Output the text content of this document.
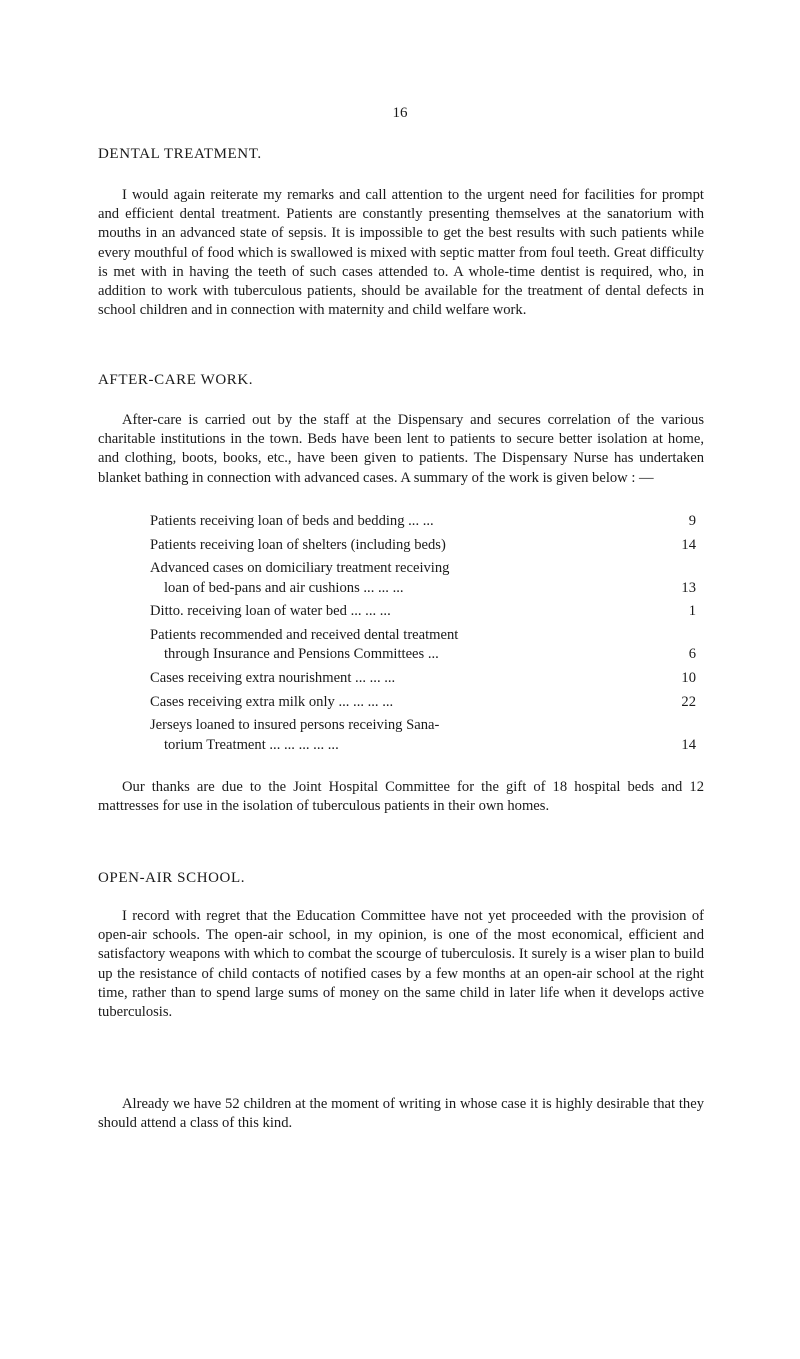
16
DENTAL TREATMENT.

I would again reiterate my remarks and call attention to the urgent need for facilities for prompt and efficient dental treatment. Patients are constantly presenting themselves at the sanatorium with mouths in an advanced state of sepsis. It is impossible to get the best results with such patients while every mouthful of food which is swallowed is mixed with septic matter from foul teeth. Great difficulty is met with in having the teeth of such cases attended to. A whole-time dentist is required, who, in addition to work with tuberculous patients, should be available for the treatment of dental defects in school children and in connection with maternity and child welfare work.

AFTER-CARE WORK.

After-care is carried out by the staff at the Dispensary and secures correlation of the various charitable institutions in the town. Beds have been lent to patients to secure better isolation at home, and clothing, boots, books, etc., have been given to patients. The Dispensary Nurse has undertaken blanket bathing in connection with advanced cases. A summary of the work is given below : —

Patients receiving loan of beds and bedding ... ...	9
Patients receiving loan of shelters (including beds)	14
Advanced cases on domiciliary treatment receiving
loan of bed-pans and air cushions ... ... ...	13
Ditto. receiving loan of water bed ... ... ...	1
Patients recommended and received dental treatment
through Insurance and Pensions Committees ...	6
Cases receiving extra nourishment ... ... ...	10
Cases receiving extra milk only ... ... ... ...	22
Jerseys loaned to insured persons receiving Sana-
torium Treatment ... ... ... ... ...	14

Our thanks are due to the Joint Hospital Committee for the gift of 18 hospital beds and 12 mattresses for use in the isolation of tuberculous patients in their own homes.

OPEN-AIR SCHOOL.

I record with regret that the Education Committee have not yet proceeded with the provision of open-air schools. The open-air school, in my opinion, is one of the most economical, efficient and satisfactory weapons with which to combat the scourge of tuberculosis. It surely is a wiser plan to build up the resistance of child contacts of notified cases by a few months at an open-air school at the right time, rather than to spend large sums of money on the same child in later life when it develops active tuberculosis.

Already we have 52 children at the moment of writing in whose case it is highly desirable that they should attend a class of this kind.
